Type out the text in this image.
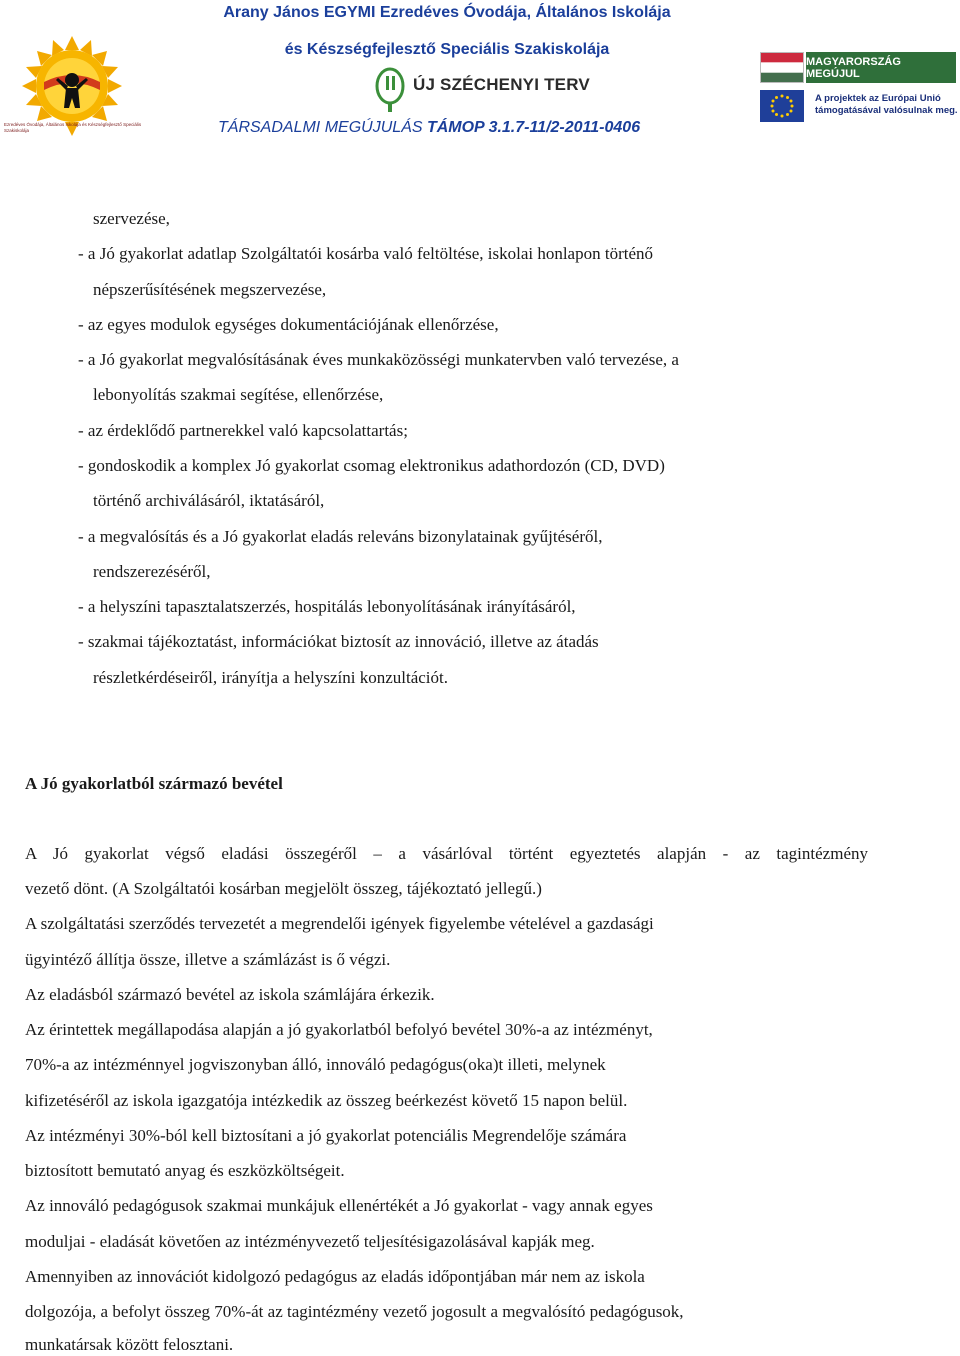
Arany János EGYMI Ezredéves Óvodája, Általános Iskolája
és Készségfejlesztő Speciális Szakiskolája
Ezredéves Óvodája, Általános Iskolája és Készségfejlesztő Speciális Szakiskolája
ÚJ SZÉCHENYI TERV
MAGYARORSZÁG MEGÚJUL
A projektek az Európai Unió támogatásával valósulnak meg.
TÁRSADALMI MEGÚJULÁS TÁMOP 3.1.7-11/2-2011-0406
szervezése,
- a Jó gyakorlat adatlap Szolgáltatói kosárba való feltöltése, iskolai honlapon történő
népszerűsítésének megszervezése,
- az egyes modulok egységes dokumentációjának ellenőrzése,
- a Jó gyakorlat megvalósításának éves munkaközösségi munkatervben való tervezése, a
lebonyolítás szakmai segítése, ellenőrzése,
- az érdeklődő partnerekkel való kapcsolattartás;
- gondoskodik a komplex Jó gyakorlat csomag elektronikus adathordozón (CD, DVD)
történő archiválásáról, iktatásáról,
- a megvalósítás és a Jó gyakorlat eladás releváns bizonylatainak gyűjtéséről,
rendszerezéséről,
- a helyszíni tapasztalatszerzés, hospitálás lebonyolításának irányításáról,
- szakmai tájékoztatást, információkat biztosít az innováció, illetve az átadás
részletkérdéseiről, irányítja a helyszíni konzultációt.
A Jó gyakorlatból származó bevétel
A Jó gyakorlat végső eladási összegéről – a vásárlóval történt egyeztetés alapján - az tagintézmény
vezető dönt. (A Szolgáltatói kosárban megjelölt összeg, tájékoztató jellegű.)
A szolgáltatási szerződés tervezetét a megrendelői igények figyelembe vételével a gazdasági
ügyintéző állítja össze, illetve a számlázást is ő végzi.
Az eladásból származó bevétel az iskola számlájára érkezik.
Az érintettek megállapodása alapján a jó gyakorlatból befolyó bevétel 30%-a az intézményt,
70%-a az intézménnyel jogviszonyban álló, innováló pedagógus(oka)t illeti, melynek
kifizetéséről az iskola igazgatója intézkedik az összeg beérkezést követő 15 napon belül.
Az intézményi 30%-ból kell biztosítani a jó gyakorlat potenciális Megrendelője számára
biztosított bemutató anyag és eszközköltségeit.
Az innováló pedagógusok szakmai munkájuk ellenértékét a Jó gyakorlat - vagy annak egyes
moduljai - eladását követően az intézményvezető teljesítésigazolásával kapják meg.
Amennyiben az innovációt kidolgozó pedagógus az eladás időpontjában már nem az iskola
dolgozója, a befolyt összeg 70%-át az tagintézmény vezető jogosult a megvalósító pedagógusok,
munkatársak között felosztani.
